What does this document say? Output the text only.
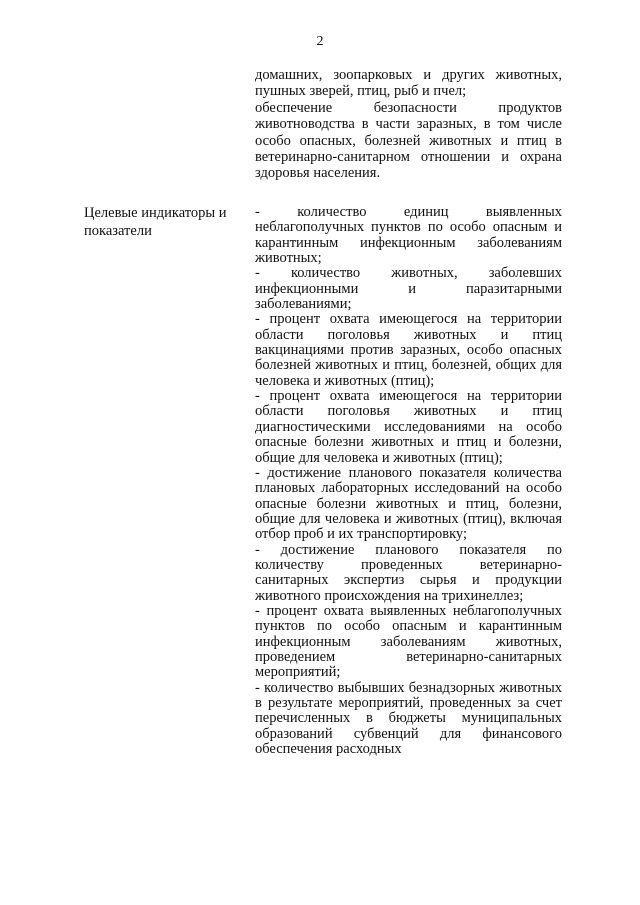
2

домашних, зоопарковых и других животных, пушных зверей, птиц, рыб и пчел;

обеспечение безопасности продуктов животноводства в части заразных, в том числе особо опасных, болезней животных и птиц в ветеринарно-санитарном отношении и охрана здоровья населения.

Целевые индикаторы и показатели

- количество единиц выявленных неблагополучных пунктов по особо опасным и карантинным инфекционным заболеваниям животных;

- количество животных, заболевших инфекционными и паразитарными заболеваниями;

- процент охвата имеющегося на территории области поголовья животных и птиц вакцинациями против заразных, особо опасных болезней животных и птиц, болезней, общих для человека и животных (птиц);

- процент охвата имеющегося на территории области поголовья животных и птиц диагностическими исследованиями на особо опасные болезни животных и птиц и болезни, общие для человека и животных (птиц);

- достижение планового показателя количества плановых лабораторных исследований на особо опасные болезни животных и птиц, болезни, общие для человека и животных (птиц), включая отбор проб и их транспортировку;

- достижение планового показателя по количеству проведенных ветеринарно-санитарных экспертиз сырья и продукции животного происхождения на трихинеллез;

- процент охвата выявленных неблагополучных пунктов по особо опасным и карантинным инфекционным заболеваниям животных, проведением ветеринарно-санитарных мероприятий;

- количество выбывших безнадзорных животных в результате мероприятий, проведенных за счет перечисленных в бюджеты муниципальных образований субвенций для финансового обеспечения расходных
